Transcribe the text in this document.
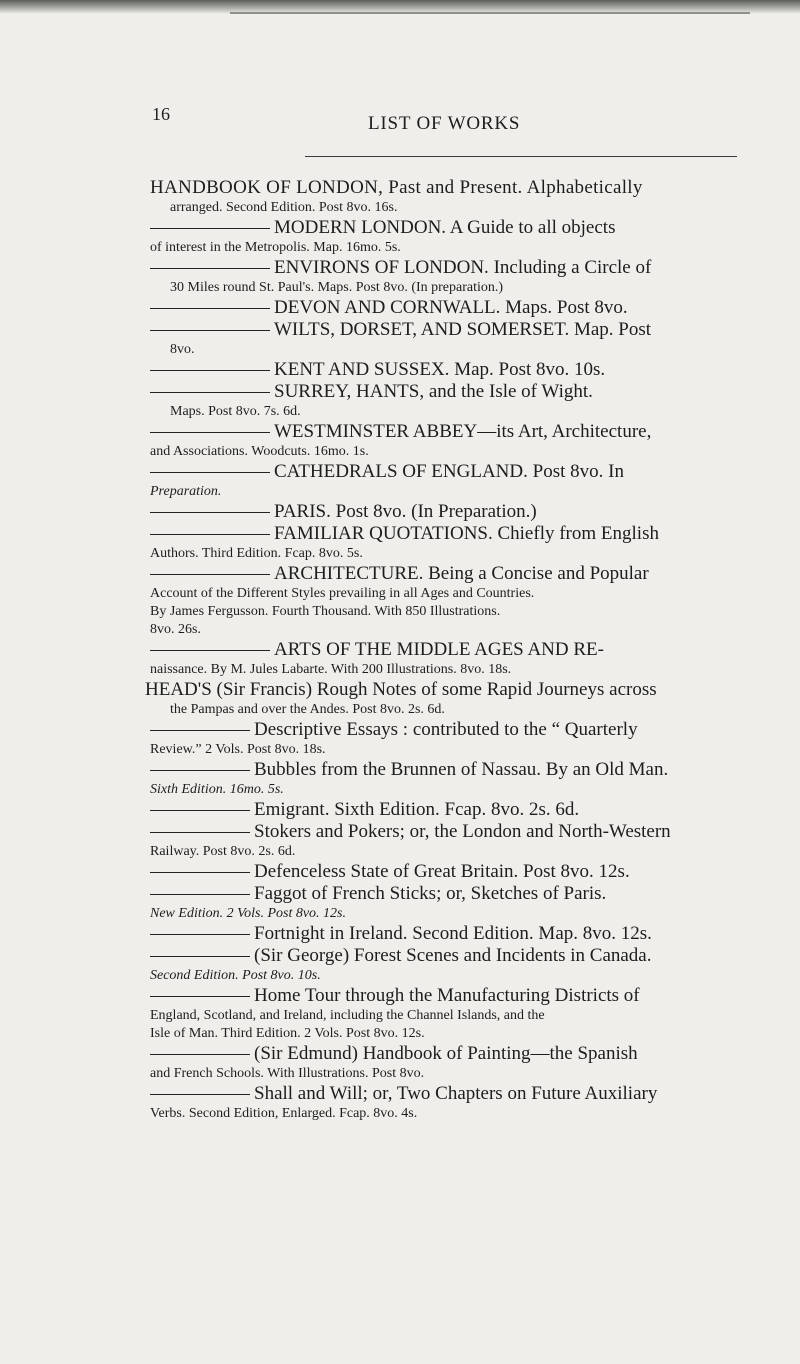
16	LIST OF WORKS
HANDBOOK OF LONDON, Past and Present. Alphabetically
arranged. Second Edition. Post 8vo. 16s.
MODERN LONDON. A Guide to all objects
of interest in the Metropolis. Map. 16mo. 5s.
ENVIRONS OF LONDON. Including a Circle of
30 Miles round St. Paul's. Maps. Post 8vo. (In preparation.)
DEVON AND CORNWALL. Maps. Post 8vo.
WILTS, DORSET, AND SOMERSET. Map. Post
8vo.
KENT AND SUSSEX. Map. Post 8vo. 10s.
SURREY, HANTS, and the Isle of Wight.
Maps. Post 8vo. 7s. 6d.
WESTMINSTER ABBEY—its Art, Architecture,
and Associations. Woodcuts. 16mo. 1s.
CATHEDRALS OF ENGLAND. Post 8vo. In
Preparation.
PARIS. Post 8vo. (In Preparation.)
FAMILIAR QUOTATIONS. Chiefly from English
Authors. Third Edition. Fcap. 8vo. 5s.
ARCHITECTURE. Being a Concise and Popular
Account of the Different Styles prevailing in all Ages and Countries.
By James Fergusson. Fourth Thousand. With 850 Illustrations.
8vo. 26s.
ARTS OF THE MIDDLE AGES AND RE-
naissance. By M. Jules Labarte. With 200 Illustrations. 8vo. 18s.
HEAD'S (Sir Francis) Rough Notes of some Rapid Journeys across
the Pampas and over the Andes. Post 8vo. 2s. 6d.
Descriptive Essays : contributed to the “ Quarterly
Review.” 2 Vols. Post 8vo. 18s.
Bubbles from the Brunnen of Nassau. By an Old Man.
Sixth Edition. 16mo. 5s.
Emigrant. Sixth Edition. Fcap. 8vo. 2s. 6d.
Stokers and Pokers; or, the London and North-Western
Railway. Post 8vo. 2s. 6d.
Defenceless State of Great Britain. Post 8vo. 12s.
Faggot of French Sticks; or, Sketches of Paris.
New Edition. 2 Vols. Post 8vo. 12s.
Fortnight in Ireland. Second Edition. Map. 8vo. 12s.
(Sir George) Forest Scenes and Incidents in Canada.
Second Edition. Post 8vo. 10s.
Home Tour through the Manufacturing Districts of
England, Scotland, and Ireland, including the Channel Islands, and the
Isle of Man. Third Edition. 2 Vols. Post 8vo. 12s.
(Sir Edmund) Handbook of Painting—the Spanish
and French Schools. With Illustrations. Post 8vo.
Shall and Will; or, Two Chapters on Future Auxiliary
Verbs. Second Edition, Enlarged. Fcap. 8vo. 4s.
